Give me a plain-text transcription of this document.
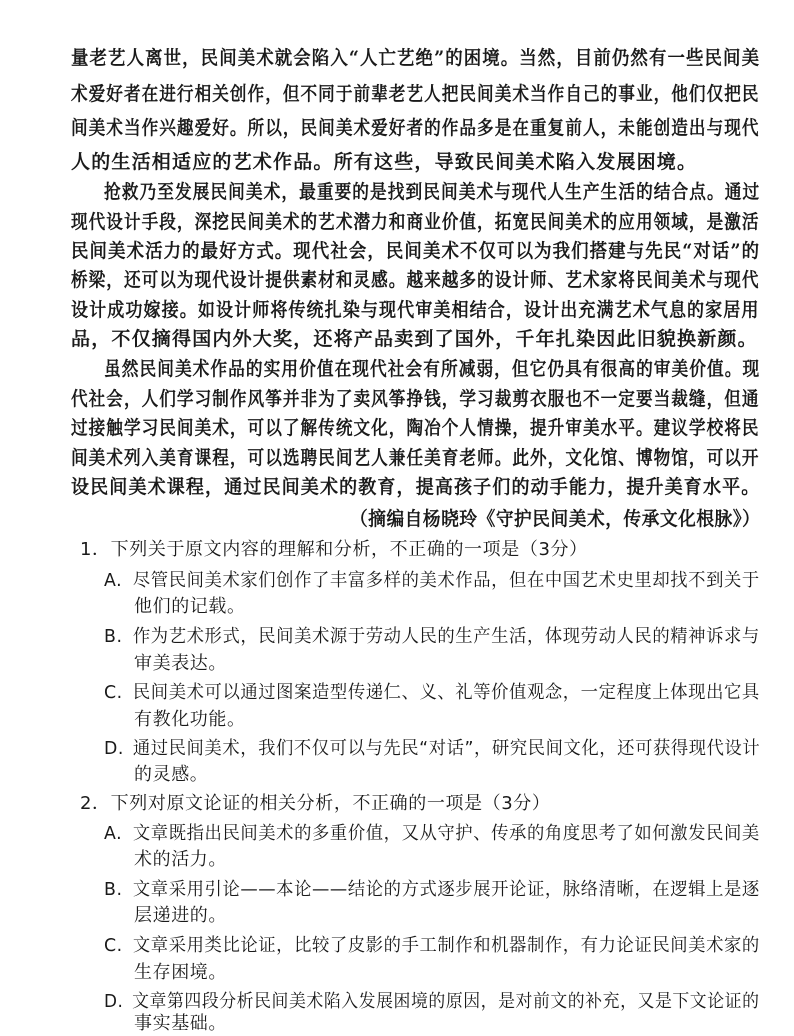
量老艺人离世，民间美术就会陷入“人亡艺绝”的困境。当然，目前仍然有一些民间美
术爱好者在进行相关创作，但不同于前辈老艺人把民间美术当作自己的事业，他们仅把民
间美术当作兴趣爱好。所以，民间美术爱好者的作品多是在重复前人，未能创造出与现代
人的生活相适应的艺术作品。所有这些，导致民间美术陷入发展困境。
抢救乃至发展民间美术，最重要的是找到民间美术与现代人生产生活的结合点。通过
现代设计手段，深挖民间美术的艺术潜力和商业价值，拓宽民间美术的应用领域，是激活
民间美术活力的最好方式。现代社会，民间美术不仅可以为我们搭建与先民“对话”的
桥梁，还可以为现代设计提供素材和灵感。越来越多的设计师、艺术家将民间美术与现代
设计成功嫁接。如设计师将传统扎染与现代审美相结合，设计出充满艺术气息的家居用
品，不仅摘得国内外大奖，还将产品卖到了国外，千年扎染因此旧貌换新颜。
虽然民间美术作品的实用价值在现代社会有所减弱，但它仍具有很高的审美价值。现
代社会，人们学习制作风筝并非为了卖风筝挣钱，学习裁剪衣服也不一定要当裁缝，但通
过接触学习民间美术，可以了解传统文化，陶冶个人情操，提升审美水平。建议学校将民
间美术列入美育课程，可以选聘民间艺人兼任美育老师。此外，文化馆、博物馆，可以开
设民间美术课程，通过民间美术的教育，提高孩子们的动手能力，提升美育水平。
（摘编自杨晓玲《守护民间美术，传承文化根脉》）
1．下列关于原文内容的理解和分析，不正确的一项是（3分）
A. 尽管民间美术家们创作了丰富多样的美术作品，但在中国艺术史里却找不到关于
他们的记载。
B. 作为艺术形式，民间美术源于劳动人民的生产生活，体现劳动人民的精神诉求与
审美表达。
C. 民间美术可以通过图案造型传递仁、义、礼等价值观念，一定程度上体现出它具
有教化功能。
D. 通过民间美术，我们不仅可以与先民“对话”，研究民间文化，还可获得现代设计
的灵感。
2．下列对原文论证的相关分析，不正确的一项是（3分）
A. 文章既指出民间美术的多重价值，又从守护、传承的角度思考了如何激发民间美
术的活力。
B. 文章采用引论——本论——结论的方式逐步展开论证，脉络清晰，在逻辑上是逐
层递进的。
C. 文章采用类比论证，比较了皮影的手工制作和机器制作，有力论证民间美术家的
生存困境。
D. 文章第四段分析民间美术陷入发展困境的原因，是对前文的补充，又是下文论证的
事实基础。
